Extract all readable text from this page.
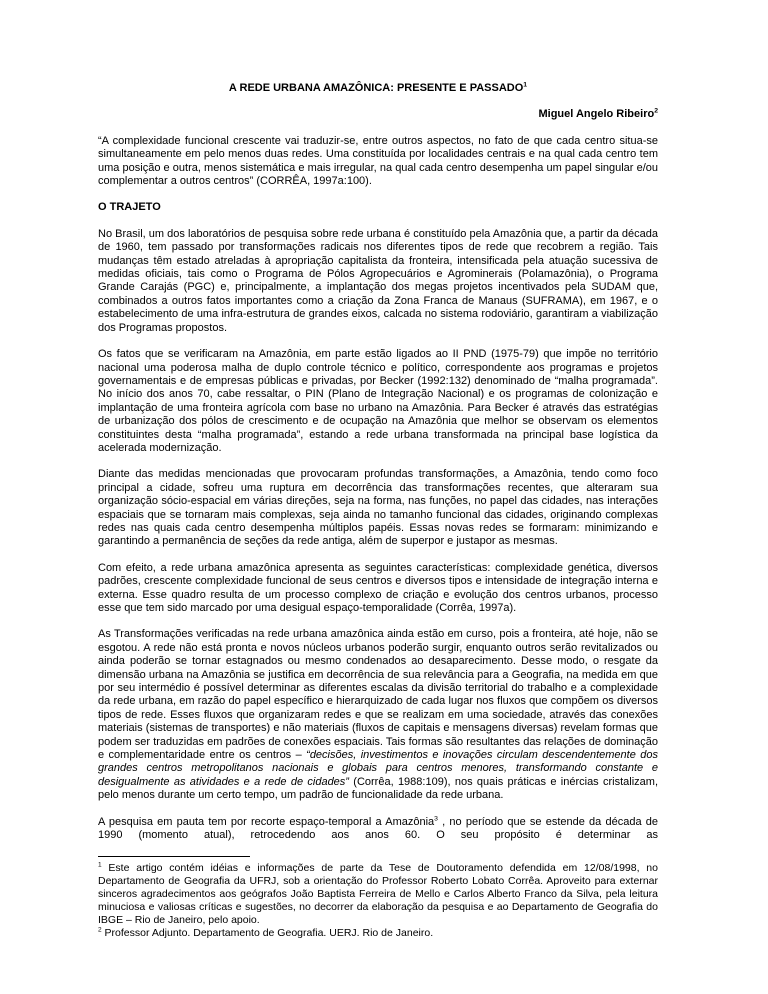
A REDE URBANA AMAZÔNICA: PRESENTE E PASSADO$^1$

Miguel Angelo Ribeiro$^2$

“A complexidade funcional crescente vai traduzir-se, entre outros aspectos, no fato de que cada centro situa-se simultaneamente em pelo menos duas redes. Uma constituída por localidades centrais e na qual cada centro tem uma posição e outra, menos sistemática e mais irregular, na qual cada centro desempenha um papel singular e/ou complementar a outros centros” (CORRÊA, 1997a:100).

O TRAJETO

No Brasil, um dos laboratórios de pesquisa sobre rede urbana é constituído pela Amazônia que, a partir da década de 1960, tem passado por transformações radicais nos diferentes tipos de rede que recobrem a região. Tais mudanças têm estado atreladas à apropriação capitalista da fronteira, intensificada pela atuação sucessiva de medidas oficiais, tais como o Programa de Pólos Agropecuários e Agrominerais (Polamazônia), o Programa Grande Carajás (PGC) e, principalmente, a implantação dos megas projetos incentivados pela SUDAM que, combinados a outros fatos importantes como a criação da Zona Franca de Manaus (SUFRAMA), em 1967, e o estabelecimento de uma infra-estrutura de grandes eixos, calcada no sistema rodoviário, garantiram a viabilização dos Programas propostos.

Os fatos que se verificaram na Amazônia, em parte estão ligados ao II PND (1975-79) que impõe no território nacional uma poderosa malha de duplo controle técnico e político, correspondente aos programas e projetos governamentais e de empresas públicas e privadas, por Becker (1992:132) denominado de “malha programada”. No início dos anos 70, cabe ressaltar, o PIN (Plano de Integração Nacional) e os programas de colonização e implantação de uma fronteira agrícola com base no urbano na Amazônia. Para Becker é através das estratégias de urbanização dos pólos de crescimento e de ocupação na Amazônia que melhor se observam os elementos constituintes desta “malha programada”, estando a rede urbana transformada na principal base logística da acelerada modernização.

Diante das medidas mencionadas que provocaram profundas transformações, a Amazônia, tendo como foco principal a cidade, sofreu uma ruptura em decorrência das transformações recentes, que alteraram sua organização sócio-espacial em várias direções, seja na forma, nas funções, no papel das cidades, nas interações espaciais que se tornaram mais complexas, seja ainda no tamanho funcional das cidades, originando complexas redes nas quais cada centro desempenha múltiplos papéis. Essas novas redes se formaram: minimizando e garantindo a permanência de seções da rede antiga, além de superpor e justapor as mesmas.

Com efeito, a rede urbana amazônica apresenta as seguintes características: complexidade genética, diversos padrões, crescente complexidade funcional de seus centros e diversos tipos e intensidade de integração interna e externa. Esse quadro resulta de um processo complexo de criação e evolução dos centros urbanos, processo esse que tem sido marcado por uma desigual espaço-temporalidade (Corrêa, 1997a).

As Transformações verificadas na rede urbana amazônica ainda estão em curso, pois a fronteira, até hoje, não se esgotou. A rede não está pronta e novos núcleos urbanos poderão surgir, enquanto outros serão revitalizados ou ainda poderão se tornar estagnados ou mesmo condenados ao desaparecimento. Desse modo, o resgate da dimensão urbana na Amazônia se justifica em decorrência de sua relevância para a Geografia, na medida em que por seu intermédio é possível determinar as diferentes escalas da divisão territorial do trabalho e a complexidade da rede urbana, em razão do papel específico e hierarquizado de cada lugar nos fluxos que compõem os diversos tipos de rede. Esses fluxos que organizaram redes e que se realizam em uma sociedade, através das conexões materiais (sistemas de transportes) e não materiais (fluxos de capitais e mensagens diversas) revelam formas que podem ser traduzidas em padrões de conexões espaciais. Tais formas são resultantes das relações de dominação e complementaridade entre os centros – “decisões, investimentos e inovações circulam descendentemente dos grandes centros metropolitanos nacionais e globais para centros menores, transformando constante e desigualmente as atividades e a rede de cidades” (Corrêa, 1988:109), nos quais práticas e inércias cristalizam, pelo menos durante um certo tempo, um padrão de funcionalidade da rede urbana.

A pesquisa em pauta tem por recorte espaço-temporal a Amazônia$^3$ , no período que se estende da década de 1990 (momento atual), retrocedendo aos anos 60. O seu propósito é determinar as

$^1$ Este artigo contém idéias e informações de parte da Tese de Doutoramento defendida em 12/08/1998, no Departamento de Geografia da UFRJ, sob a orientação do Professor Roberto Lobato Corrêa. Aproveito para externar sinceros agradecimentos aos geógrafos João Baptista Ferreira de Mello e Carlos Alberto Franco da Silva, pela leitura minuciosa e valiosas críticas e sugestões, no decorrer da elaboração da pesquisa e ao Departamento de Geografia do IBGE – Rio de Janeiro, pelo apoio.

$^2$ Professor Adjunto. Departamento de Geografia. UERJ. Rio de Janeiro.
